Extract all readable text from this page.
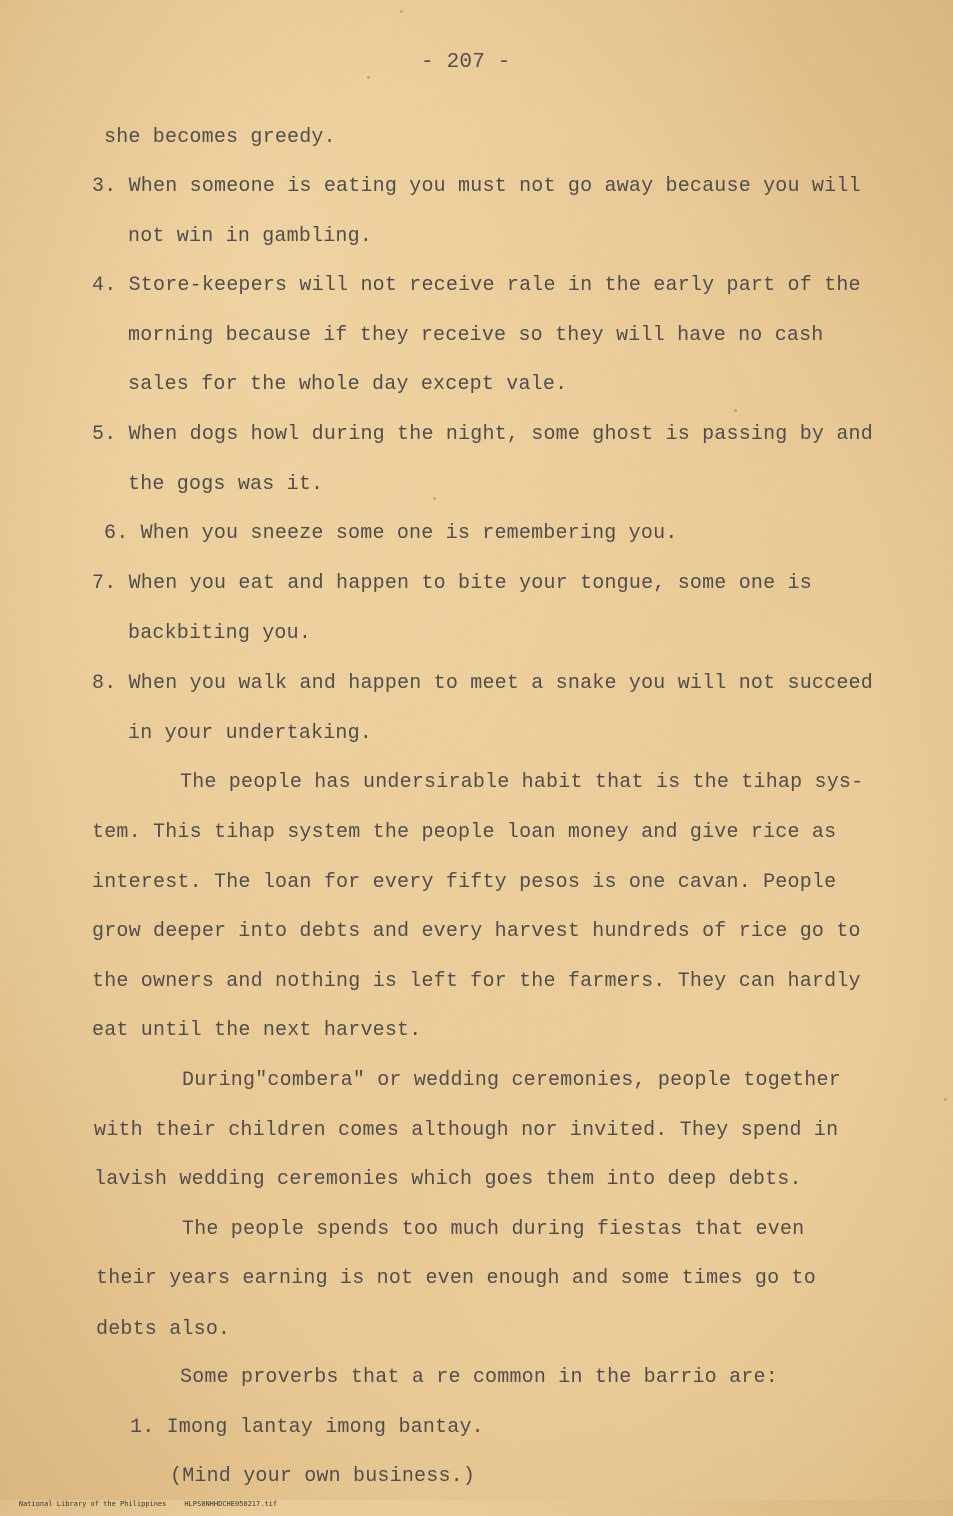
- 207 -
she becomes greedy.
3. When someone is eating you must not go away because you will
not win in gambling.
4. Store-keepers will not receive rale in the early part of the
morning because if they receive so they will have no cash
sales for the whole day except vale.
5. When dogs howl during the night, some ghost is passing by and
the gogs was it.
6. When you sneeze some one is remembering you.
7. When you eat and happen to bite your tongue, some one is
backbiting you.
8. When you walk and happen to meet a snake you will not succeed
in your undertaking.
The people has undersirable habit that is the tihap sys-
tem. This tihap system the people loan money and give rice as
interest. The loan for every fifty pesos is one cavan. People
grow deeper into debts and every harvest hundreds of rice go to
the owners and nothing is left for the farmers. They can hardly
eat until the next harvest.
During"combera" or wedding ceremonies, people together
with their children comes although nor invited. They spend in
lavish wedding ceremonies which goes them into deep debts.
The people spends too much during fiestas that even
their years earning is not even enough and some times go to
debts also.
Some proverbs that a re common in the barrio are:
1. Imong lantay imong bantay.
(Mind your own business.)

National Library of the Philippines	HLPS0NHHDCHE050217.tif
